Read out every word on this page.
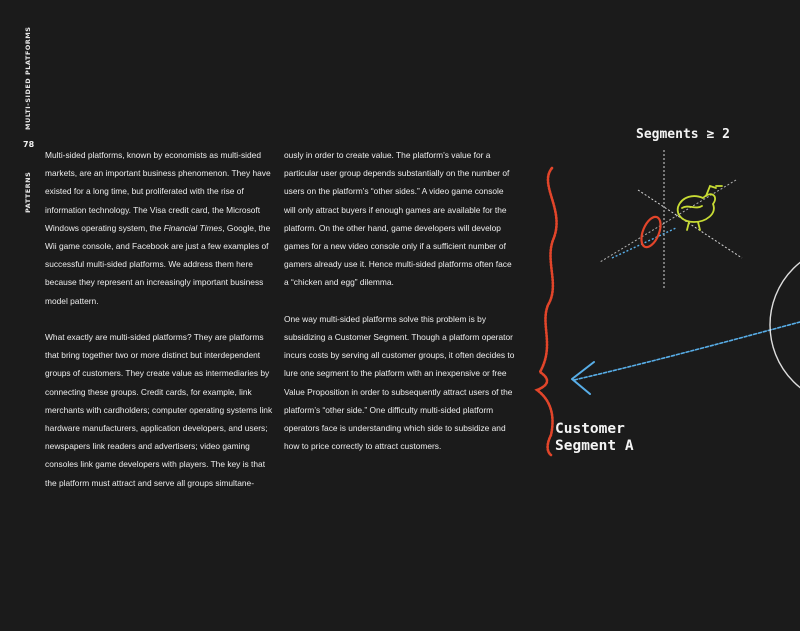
MULTI-SIDED PLATFORMS
78
PATTERNS

Multi-sided platforms, known by economists as multi-sided markets, are an important business phenomenon. They have existed for a long time, but proliferated with the rise of information technology. The Visa credit card, the Microsoft Windows operating system, the Financial Times, Google, the Wii game console, and Facebook are just a few examples of successful multi-sided platforms. We address them here because they represent an increasingly important business model pattern.

What exactly are multi-sided platforms? They are platforms that bring together two or more distinct but interdependent groups of customers. They create value as intermediaries by connecting these groups. Credit cards, for example, link merchants with cardholders; computer operating systems link hardware manufacturers, application developers, and users; newspapers link readers and advertisers; video gaming consoles link game developers with players. The key is that the platform must attract and serve all groups simultane-

ously in order to create value. The platform’s value for a particular user group depends substantially on the number of users on the platform’s “other sides.” A video game console will only attract buyers if enough games are available for the platform. On the other hand, game developers will develop games for a new video console only if a sufficient number of gamers already use it. Hence multi-sided platforms often face a “chicken and egg” dilemma.

One way multi-sided platforms solve this problem is by subsidizing a Customer Segment. Though a platform operator incurs costs by serving all customer groups, it often decides to lure one segment to the platform with an inexpensive or free Value Proposition in order to subsequently attract users of the platform’s “other side.” One difficulty multi-sided platform operators face is understanding which side to subsidize and how to price correctly to attract customers.

Segments ≥ 2
Customer
Segment A
